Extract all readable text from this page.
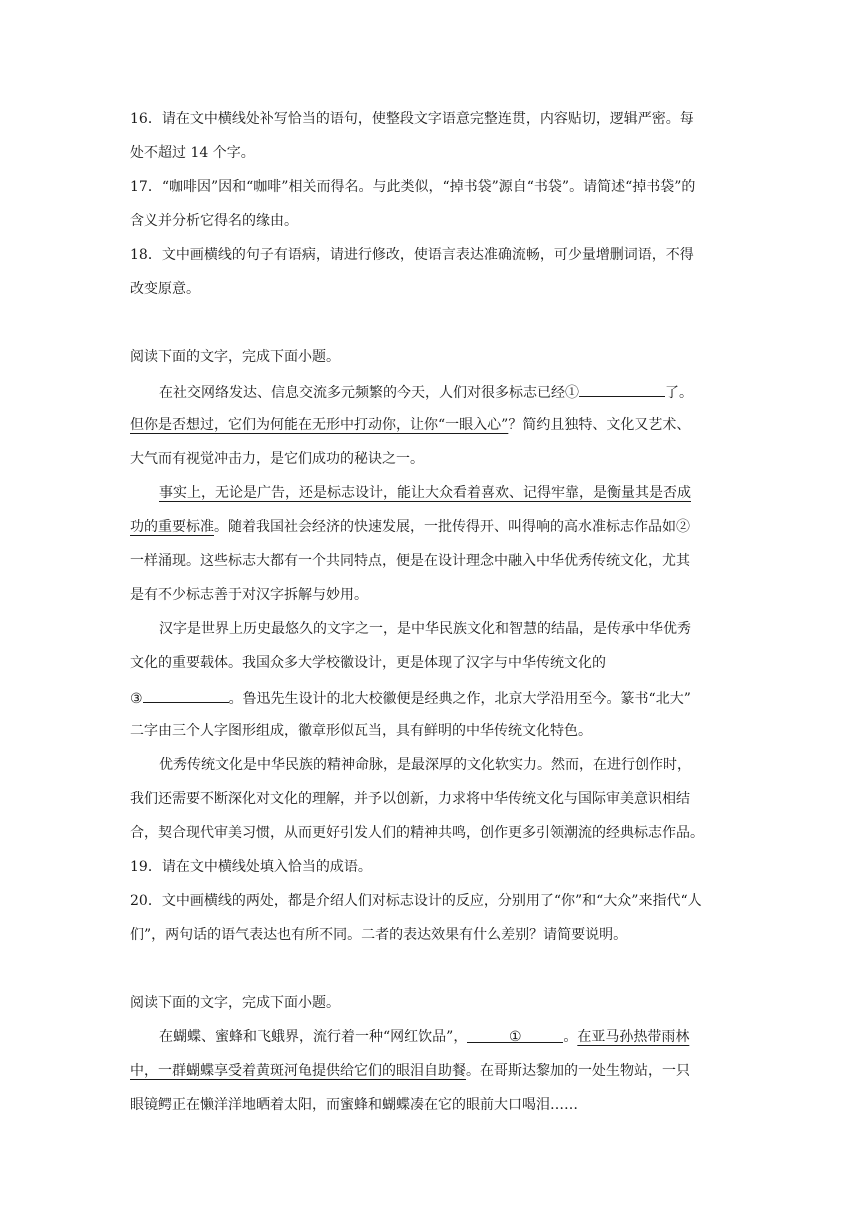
16．请在文中横线处补写恰当的语句，使整段文字语意完整连贯，内容贴切，逻辑严密。每
处不超过 14 个字。
17．“咖啡因”因和“咖啡”相关而得名。与此类似，“掉书袋”源自“书袋”。请简述“掉书袋”的
含义并分析它得名的缘由。
18．文中画横线的句子有语病，请进行修改，使语言表达准确流畅，可少量增删词语，不得
改变原意。
阅读下面的文字，完成下面小题。
在社交网络发达、信息交流多元频繁的今天，人们对很多标志已经①	了。
但你是否想过，它们为何能在无形中打动你，让你“一眼入心”？简约且独特、文化又艺术、
大气而有视觉冲击力，是它们成功的秘诀之一。
事实上，无论是广告，还是标志设计，能让大众看着喜欢、记得牢靠，是衡量其是否成
功的重要标准。随着我国社会经济的快速发展，一批传得开、叫得响的高水准标志作品如②
一样涌现。这些标志大都有一个共同特点，便是在设计理念中融入中华优秀传统文化，尤其
是有不少标志善于对汉字拆解与妙用。
汉字是世界上历史最悠久的文字之一，是中华民族文化和智慧的结晶，是传承中华优秀
文化的重要载体。我国众多大学校徽设计，更是体现了汉字与中华传统文化的
③	。鲁迅先生设计的北大校徽便是经典之作，北京大学沿用至今。篆书“北大”
二字由三个人字图形组成，徽章形似瓦当，具有鲜明的中华传统文化特色。
优秀传统文化是中华民族的精神命脉，是最深厚的文化软实力。然而，在进行创作时，
我们还需要不断深化对文化的理解，并予以创新，力求将中华传统文化与国际审美意识相结
合，契合现代审美习惯，从而更好引发人们的精神共鸣，创作更多引领潮流的经典标志作品。
19．请在文中横线处填入恰当的成语。
20．文中画横线的两处，都是介绍人们对标志设计的反应，分别用了“你”和“大众”来指代“人
们”，两句话的语气表达也有所不同。二者的表达效果有什么差别？请简要说明。
阅读下面的文字，完成下面小题。
在蝴蝶、蜜蜂和飞蛾界，流行着一种“网红饮品”，	①	。在亚马孙热带雨林
中，一群蝴蝶享受着黄斑河龟提供给它们的眼泪自助餐。在哥斯达黎加的一处生物站，一只
眼镜鳄正在懒洋洋地晒着太阳，而蜜蜂和蝴蝶凑在它的眼前大口喝泪……
